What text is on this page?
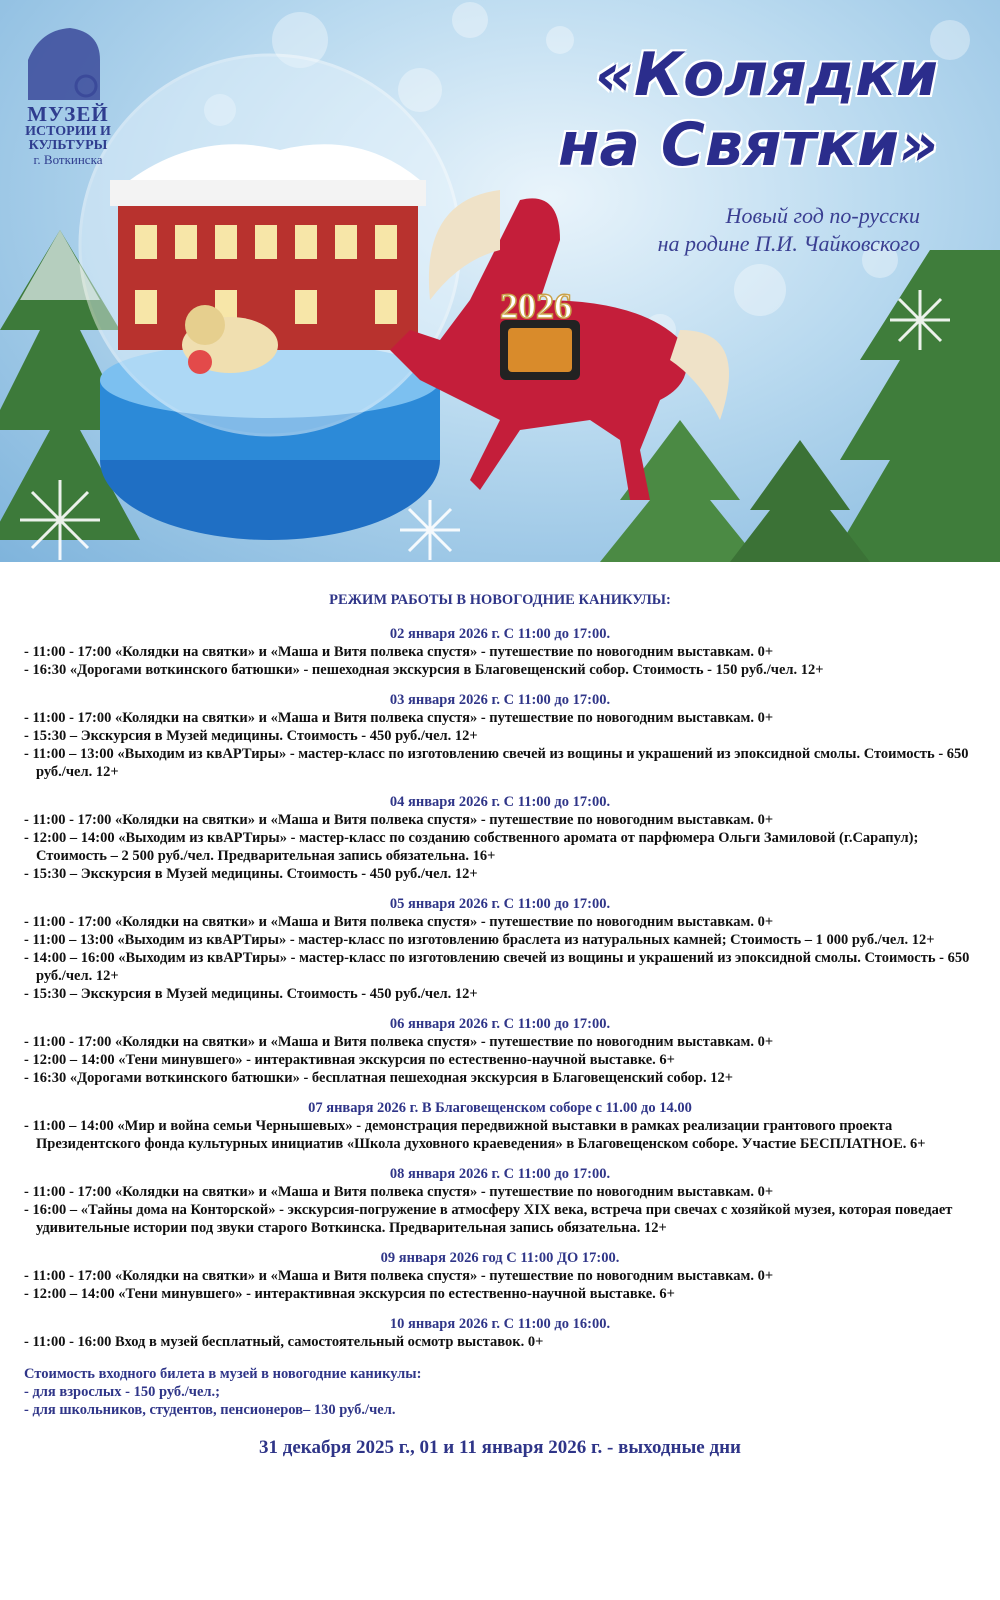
2026
МУЗЕЙ
ИСТОРИИ И
КУЛЬТУРЫ
г. Воткинска
«Колядки
на Святки»
Новый год по-русски
на родине П.И. Чайковского
РЕЖИМ РАБОТЫ В НОВОГОДНИЕ КАНИКУЛЫ:
02 января 2026 г. С 11:00 до 17:00.
- 11:00 - 17:00 «Колядки на святки» и «Маша и Витя полвека спустя» - путешествие по новогодним выставкам. 0+
- 16:30 «Дорогами воткинского батюшки» - пешеходная экскурсия в Благовещенский собор. Стоимость - 150 руб./чел. 12+
03 января 2026 г. С 11:00 до 17:00.
- 11:00 - 17:00 «Колядки на святки» и «Маша и Витя полвека спустя» - путешествие по новогодним выставкам. 0+
- 15:30 – Экскурсия в Музей медицины. Стоимость - 450 руб./чел. 12+
- 11:00 – 13:00 «Выходим из квАРТиры» - мастер-класс по изготовлению свечей из вощины и украшений из эпоксидной смолы. Стоимость - 650 руб./чел. 12+
04 января 2026 г. С 11:00 до 17:00.
- 11:00 - 17:00 «Колядки на святки» и «Маша и Витя полвека спустя» - путешествие по новогодним выставкам. 0+
- 12:00 – 14:00 «Выходим из квАРТиры» - мастер-класс по созданию собственного аромата от парфюмера Ольги Замиловой (г.Сарапул); Стоимость – 2 500 руб./чел. Предварительная запись обязательна. 16+
- 15:30 – Экскурсия в Музей медицины. Стоимость - 450 руб./чел. 12+
05 января 2026 г. С 11:00 до 17:00.
- 11:00 - 17:00 «Колядки на святки» и «Маша и Витя полвека спустя» - путешествие по новогодним выставкам. 0+
- 11:00 – 13:00 «Выходим из квАРТиры» - мастер-класс по изготовлению браслета из натуральных камней; Стоимость – 1 000 руб./чел. 12+
- 14:00 – 16:00 «Выходим из квАРТиры» - мастер-класс по изготовлению свечей из вощины и украшений из эпоксидной смолы. Стоимость - 650 руб./чел. 12+
- 15:30 – Экскурсия в Музей медицины. Стоимость - 450 руб./чел. 12+
06 января 2026 г. С 11:00 до 17:00.
- 11:00 - 17:00 «Колядки на святки» и «Маша и Витя полвека спустя» - путешествие по новогодним выставкам. 0+
- 12:00 – 14:00 «Тени минувшего» - интерактивная экскурсия по естественно-научной выставке. 6+
- 16:30 «Дорогами воткинского батюшки» - бесплатная пешеходная экскурсия в Благовещенский собор. 12+
07 января 2026 г. В Благовещенском соборе с 11.00 до 14.00
- 11:00 – 14:00 «Мир и война семьи Чернышевых» - демонстрация передвижной выставки в рамках реализации грантового проекта Президентского фонда культурных инициатив «Школа духовного краеведения» в Благовещенском соборе. Участие БЕСПЛАТНОЕ. 6+
08 января 2026 г. С 11:00 до 17:00.
- 11:00 - 17:00 «Колядки на святки» и «Маша и Витя полвека спустя» - путешествие по новогодним выставкам. 0+
- 16:00 – «Тайны дома на Конторской» - экскурсия-погружение в атмосферу XIX века, встреча при свечах с хозяйкой музея, которая поведает удивительные истории под звуки старого Воткинска. Предварительная запись обязательна. 12+
09 января 2026 год С 11:00 ДО 17:00.
- 11:00 - 17:00 «Колядки на святки» и «Маша и Витя полвека спустя» - путешествие по новогодним выставкам. 0+
- 12:00 – 14:00 «Тени минувшего» - интерактивная экскурсия по естественно-научной выставке. 6+
10 января 2026 г. С 11:00 до 16:00.
- 11:00 - 16:00 Вход в музей бесплатный, самостоятельный осмотр выставок. 0+
Стоимость входного билета в музей в новогодние каникулы:
- для взрослых - 150 руб./чел.;
- для школьников, студентов, пенсионеров– 130 руб./чел.
31 декабря 2025 г., 01 и 11 января 2026 г. - выходные дни
